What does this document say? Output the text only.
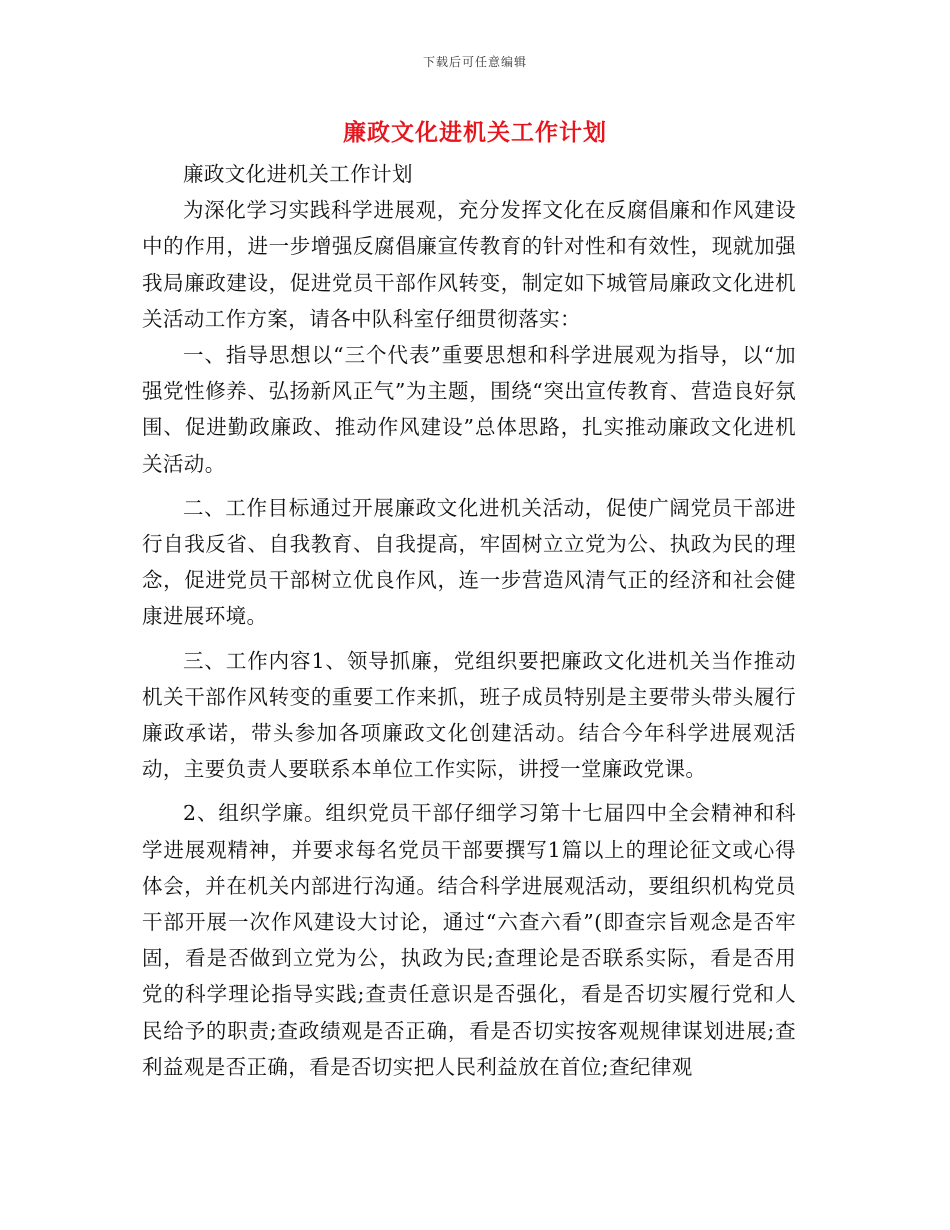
下载后可任意编辑
廉政文化进机关工作计划

廉政文化进机关工作计划

为深化学习实践科学进展观，充分发挥文化在反腐倡廉和作风建设中的作用，进一步增强反腐倡廉宣传教育的针对性和有效性，现就加强我局廉政建设，促进党员干部作风转变，制定如下城管局廉政文化进机关活动工作方案，请各中队科室仔细贯彻落实：

一、指导思想以“三个代表”重要思想和科学进展观为指导，以“加强党性修养、弘扬新风正气”为主题，围绕“突出宣传教育、营造良好氛围、促进勤政廉政、推动作风建设”总体思路，扎实推动廉政文化进机关活动。

二、工作目标通过开展廉政文化进机关活动，促使广阔党员干部进行自我反省、自我教育、自我提高，牢固树立立党为公、执政为民的理念，促进党员干部树立优良作风，连一步营造风清气正的经济和社会健康进展环境。

三、工作内容1、领导抓廉，党组织要把廉政文化进机关当作推动机关干部作风转变的重要工作来抓，班子成员特别是主要带头带头履行廉政承诺，带头参加各项廉政文化创建活动。结合今年科学进展观活动，主要负责人要联系本单位工作实际，讲授一堂廉政党课。

2、组织学廉。组织党员干部仔细学习第十七届四中全会精神和科学进展观精神，并要求每名党员干部要撰写1篇以上的理论征文或心得体会，并在机关内部进行沟通。结合科学进展观活动，要组织机构党员干部开展一次作风建设大讨论，通过“六查六看”(即查宗旨观念是否牢固，看是否做到立党为公，执政为民;查理论是否联系实际，看是否用党的科学理论指导实践;查责任意识是否强化，看是否切实履行党和人民给予的职责;查政绩观是否正确，看是否切实按客观规律谋划进展;查利益观是否正确，看是否切实把人民利益放在首位;查纪律观
